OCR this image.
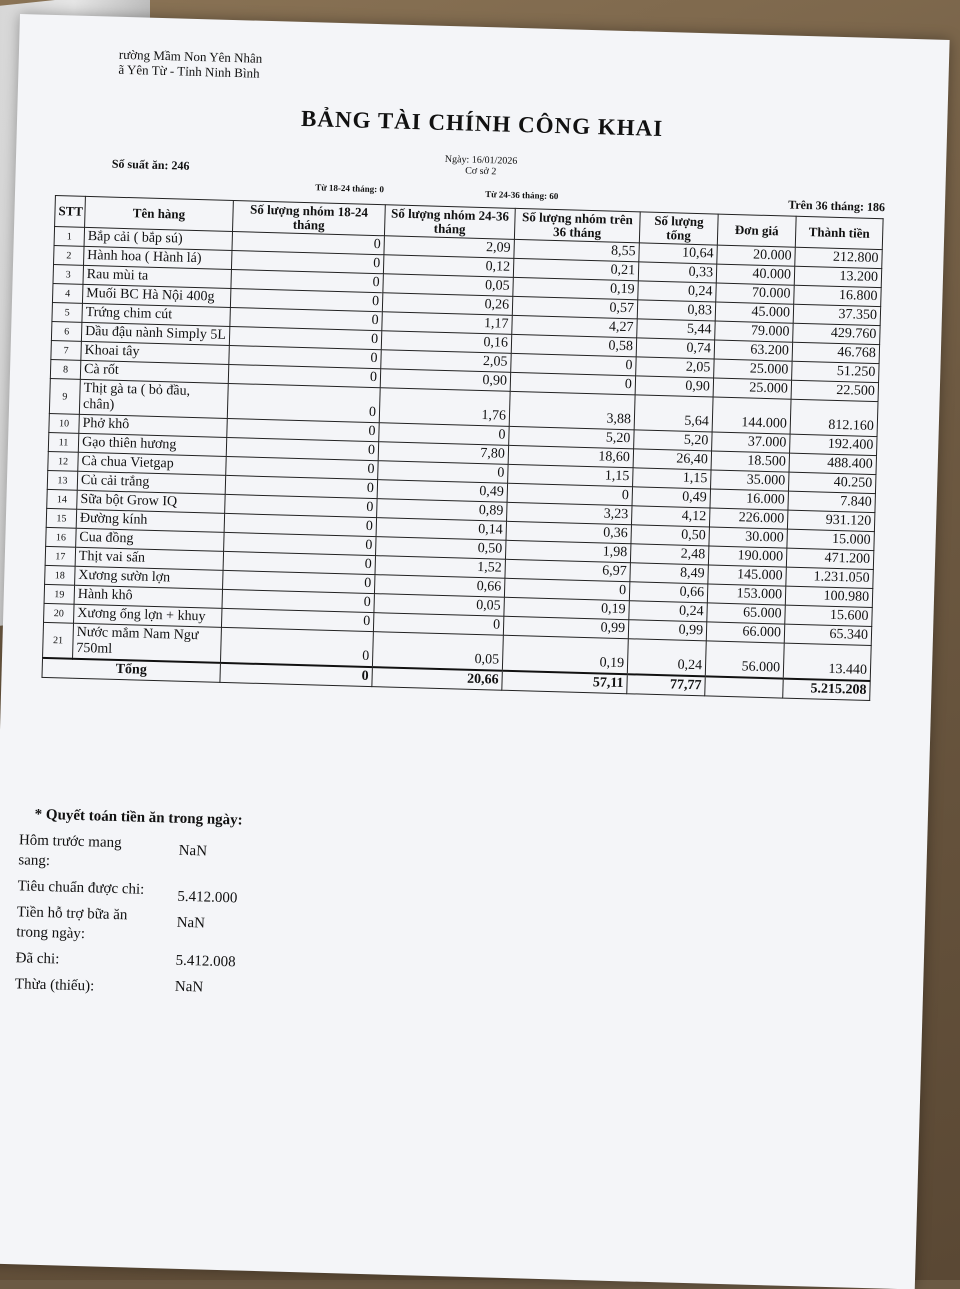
rường Mầm Non Yên Nhân
ã Yên Từ - Tỉnh Ninh Bình
BẢNG TÀI CHÍNH CÔNG KHAI
Ngày: 16/01/2026
Cơ sở 2
Số suất ăn: 246
Từ 18-24 tháng: 0
Từ 24-36 tháng: 60
Trên 36 tháng: 186
STT	Tên hàng	Số lượng nhóm 18-24 tháng	Số lượng nhóm 24-36 tháng	Số lượng nhóm trên 36 tháng	Số lượng tổng	Đơn giá	Thành tiền
1	Bắp cải ( bắp sú)	0	2,09	8,55	10,64	20.000	212.800
2	Hành hoa ( Hành lá)	0	0,12	0,21	0,33	40.000	13.200
3	Rau mùi ta	0	0,05	0,19	0,24	70.000	16.800
4	Muối BC Hà Nội 400g	0	0,26	0,57	0,83	45.000	37.350
5	Trứng chim cút	0	1,17	4,27	5,44	79.000	429.760
6	Dầu đậu nành Simply 5L	0	0,16	0,58	0,74	63.200	46.768
7	Khoai tây	0	2,05	0	2,05	25.000	51.250
8	Cà rốt	0	0,90	0	0,90	25.000	22.500
9	Thịt gà ta ( bỏ đầu, chân)	0	1,76	3,88	5,64	144.000	812.160
10	Phở khô	0	0	5,20	5,20	37.000	192.400
11	Gạo thiên hương	0	7,80	18,60	26,40	18.500	488.400
12	Cà chua Vietgap	0	0	1,15	1,15	35.000	40.250
13	Củ cải trắng	0	0,49	0	0,49	16.000	7.840
14	Sữa bột Grow IQ	0	0,89	3,23	4,12	226.000	931.120
15	Đường kính	0	0,14	0,36	0,50	30.000	15.000
16	Cua đồng	0	0,50	1,98	2,48	190.000	471.200
17	Thịt vai sấn	0	1,52	6,97	8,49	145.000	1.231.050
18	Xương sườn lợn	0	0,66	0	0,66	153.000	100.980
19	Hành khô	0	0,05	0,19	0,24	65.000	15.600
20	Xương ống lợn + khuy	0	0	0,99	0,99	66.000	65.340
21	Nước mắm Nam Ngư 750ml	0	0,05	0,19	0,24	56.000	13.440
Tổng		0	20,66	57,11	77,77		5.215.208
* Quyết toán tiền ăn trong ngày:
Hôm trước mang sang:
NaN
Tiêu chuẩn được chi:	5.412.000
Tiền hỗ trợ bữa ăn trong ngày:
NaN
Đã chi:	5.412.008
Thừa (thiếu):	NaN
